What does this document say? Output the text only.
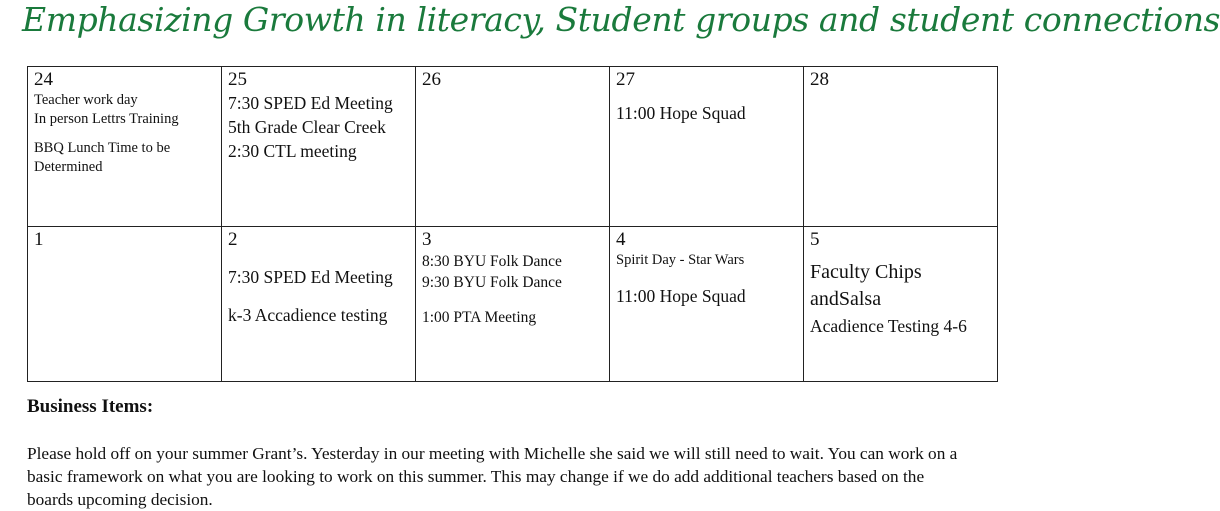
Emphasizing Growth in literacy, Student groups and student connections
24
Teacher work day
In person Lettrs Training
BBQ Lunch Time to be
Determined	25
7:30 SPED Ed Meeting
5th Grade Clear Creek
2:30 CTL meeting	26	27
11:00 Hope Squad	28

1	2
7:30 SPED Ed Meeting
k-3 Accadience testing	3
8:30 BYU Folk Dance
9:30 BYU Folk Dance
1:00 PTA Meeting	4
Spirit Day - Star Wars
11:00 Hope Squad	5
Faculty Chips andSalsa
Acadience Testing 4-6
Business Items:

Please hold off on your summer Grant’s. Yesterday in our meeting with Michelle she said we will still need to wait. You can work on a basic framework on what you are looking to work on this summer. This may change if we do add additional teachers based on the boards upcoming decision.
